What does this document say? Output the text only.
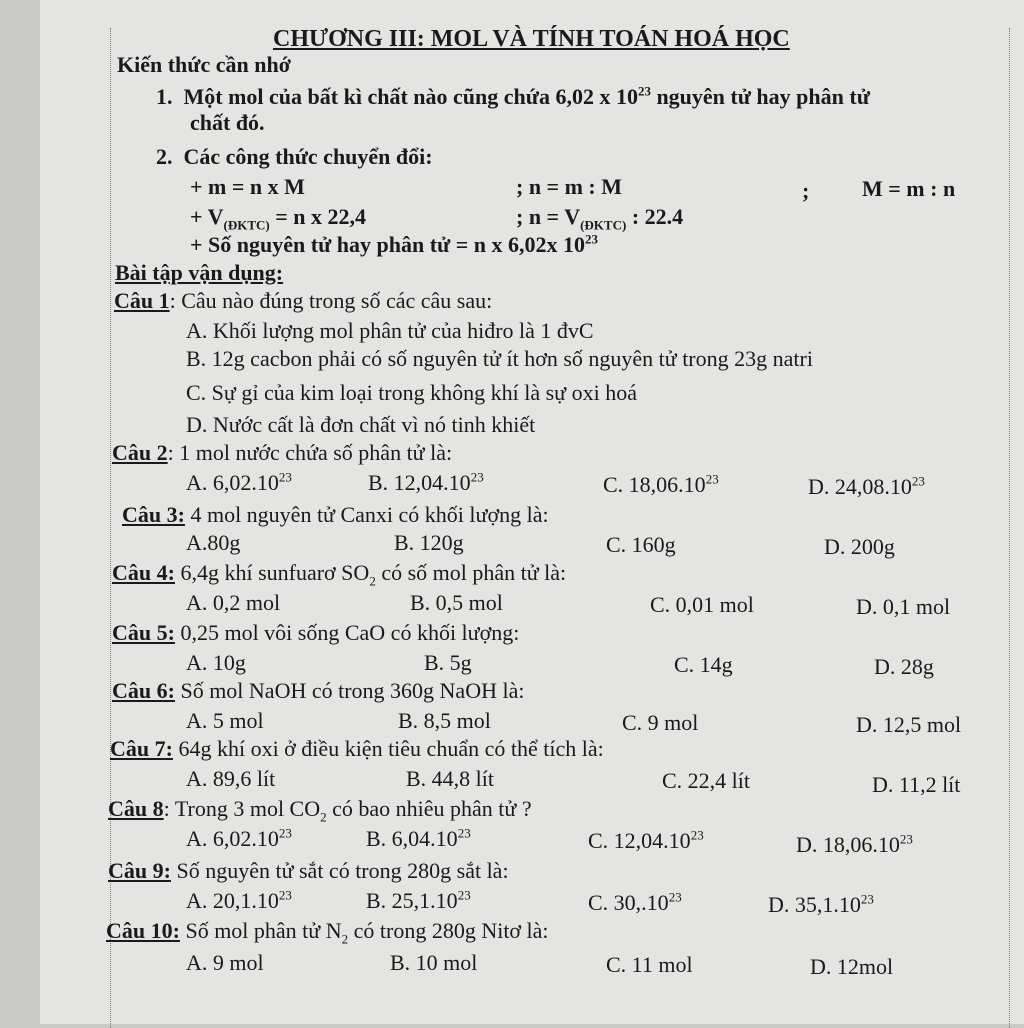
CHƯƠNG III: MOL VÀ TÍNH TOÁN HOÁ HỌC
Kiến thức cần nhớ
1. Một mol của bất kì chất nào cũng chứa 6,02 x $10^{23}$ nguyên tử hay phân tử
chất đó.
2. Các công thức chuyển đổi:
+ m = n x M	; n = m : M	; M = m : n
+ $V_{(ĐKTC)} = n$ x 22,4	; $n = V_{(ĐKTC)}$ : 22.4
+ Số nguyên tử hay phân tử = n x 6,02x $10^{23}$
Bài tập vận dụng:
Câu 1: Câu nào đúng trong số các câu sau:
A. Khối lượng mol phân tử của hiđro là 1 đvC
B. 12g cacbon phải có số nguyên tử ít hơn số nguyên tử trong 23g natri
C. Sự gỉ của kim loại trong không khí là sự oxi hoá
D. Nước cất là đơn chất vì nó tinh khiết
Câu 2: 1 mol nước chứa số phân tử là:
A. 6,02.10$^{23}$	B. 12,04.10$^{23}$	C. 18,06.10$^{23}$	D. 24,08.10$^{23}$
Câu 3: 4 mol nguyên tử Canxi có khối lượng là:
A.80g	B. 120g	C. 160g	D. 200g
Câu 4: 6,4g khí sunfuarơ $SO_2$ có số mol phân tử là:
A. 0,2 mol	B. 0,5 mol	C. 0,01 mol	D. 0,1 mol
Câu 5: 0,25 mol vôi sống CaO có khối lượng:
A. 10g	B. 5g	C. 14g	D. 28g
Câu 6: Số mol NaOH có trong 360g NaOH là:
A. 5 mol	B. 8,5 mol	C. 9 mol	D. 12,5 mol
Câu 7: 64g khí oxi ở điều kiện tiêu chuẩn có thể tích là:
A. 89,6 lít	B. 44,8 lít	C. 22,4 lít	D. 11,2 lít
Câu 8: Trong 3 mol $CO_2$ có bao nhiêu phân tử ?
A. 6,02.10$^{23}$	B. 6,04.10$^{23}$	C. 12,04.10$^{23}$	D. 18,06.10$^{23}$
Câu 9: Số nguyên tử sắt có trong 280g sắt là:
A. 20,1.10$^{23}$	B. 25,1.10$^{23}$	C. 30,.10$^{23}$	D. 35,1.10$^{23}$
Câu 10: Số mol phân tử $N_2$ có trong 280g Nitơ là:
A. 9 mol	B. 10 mol	C. 11 mol	D. 12mol
